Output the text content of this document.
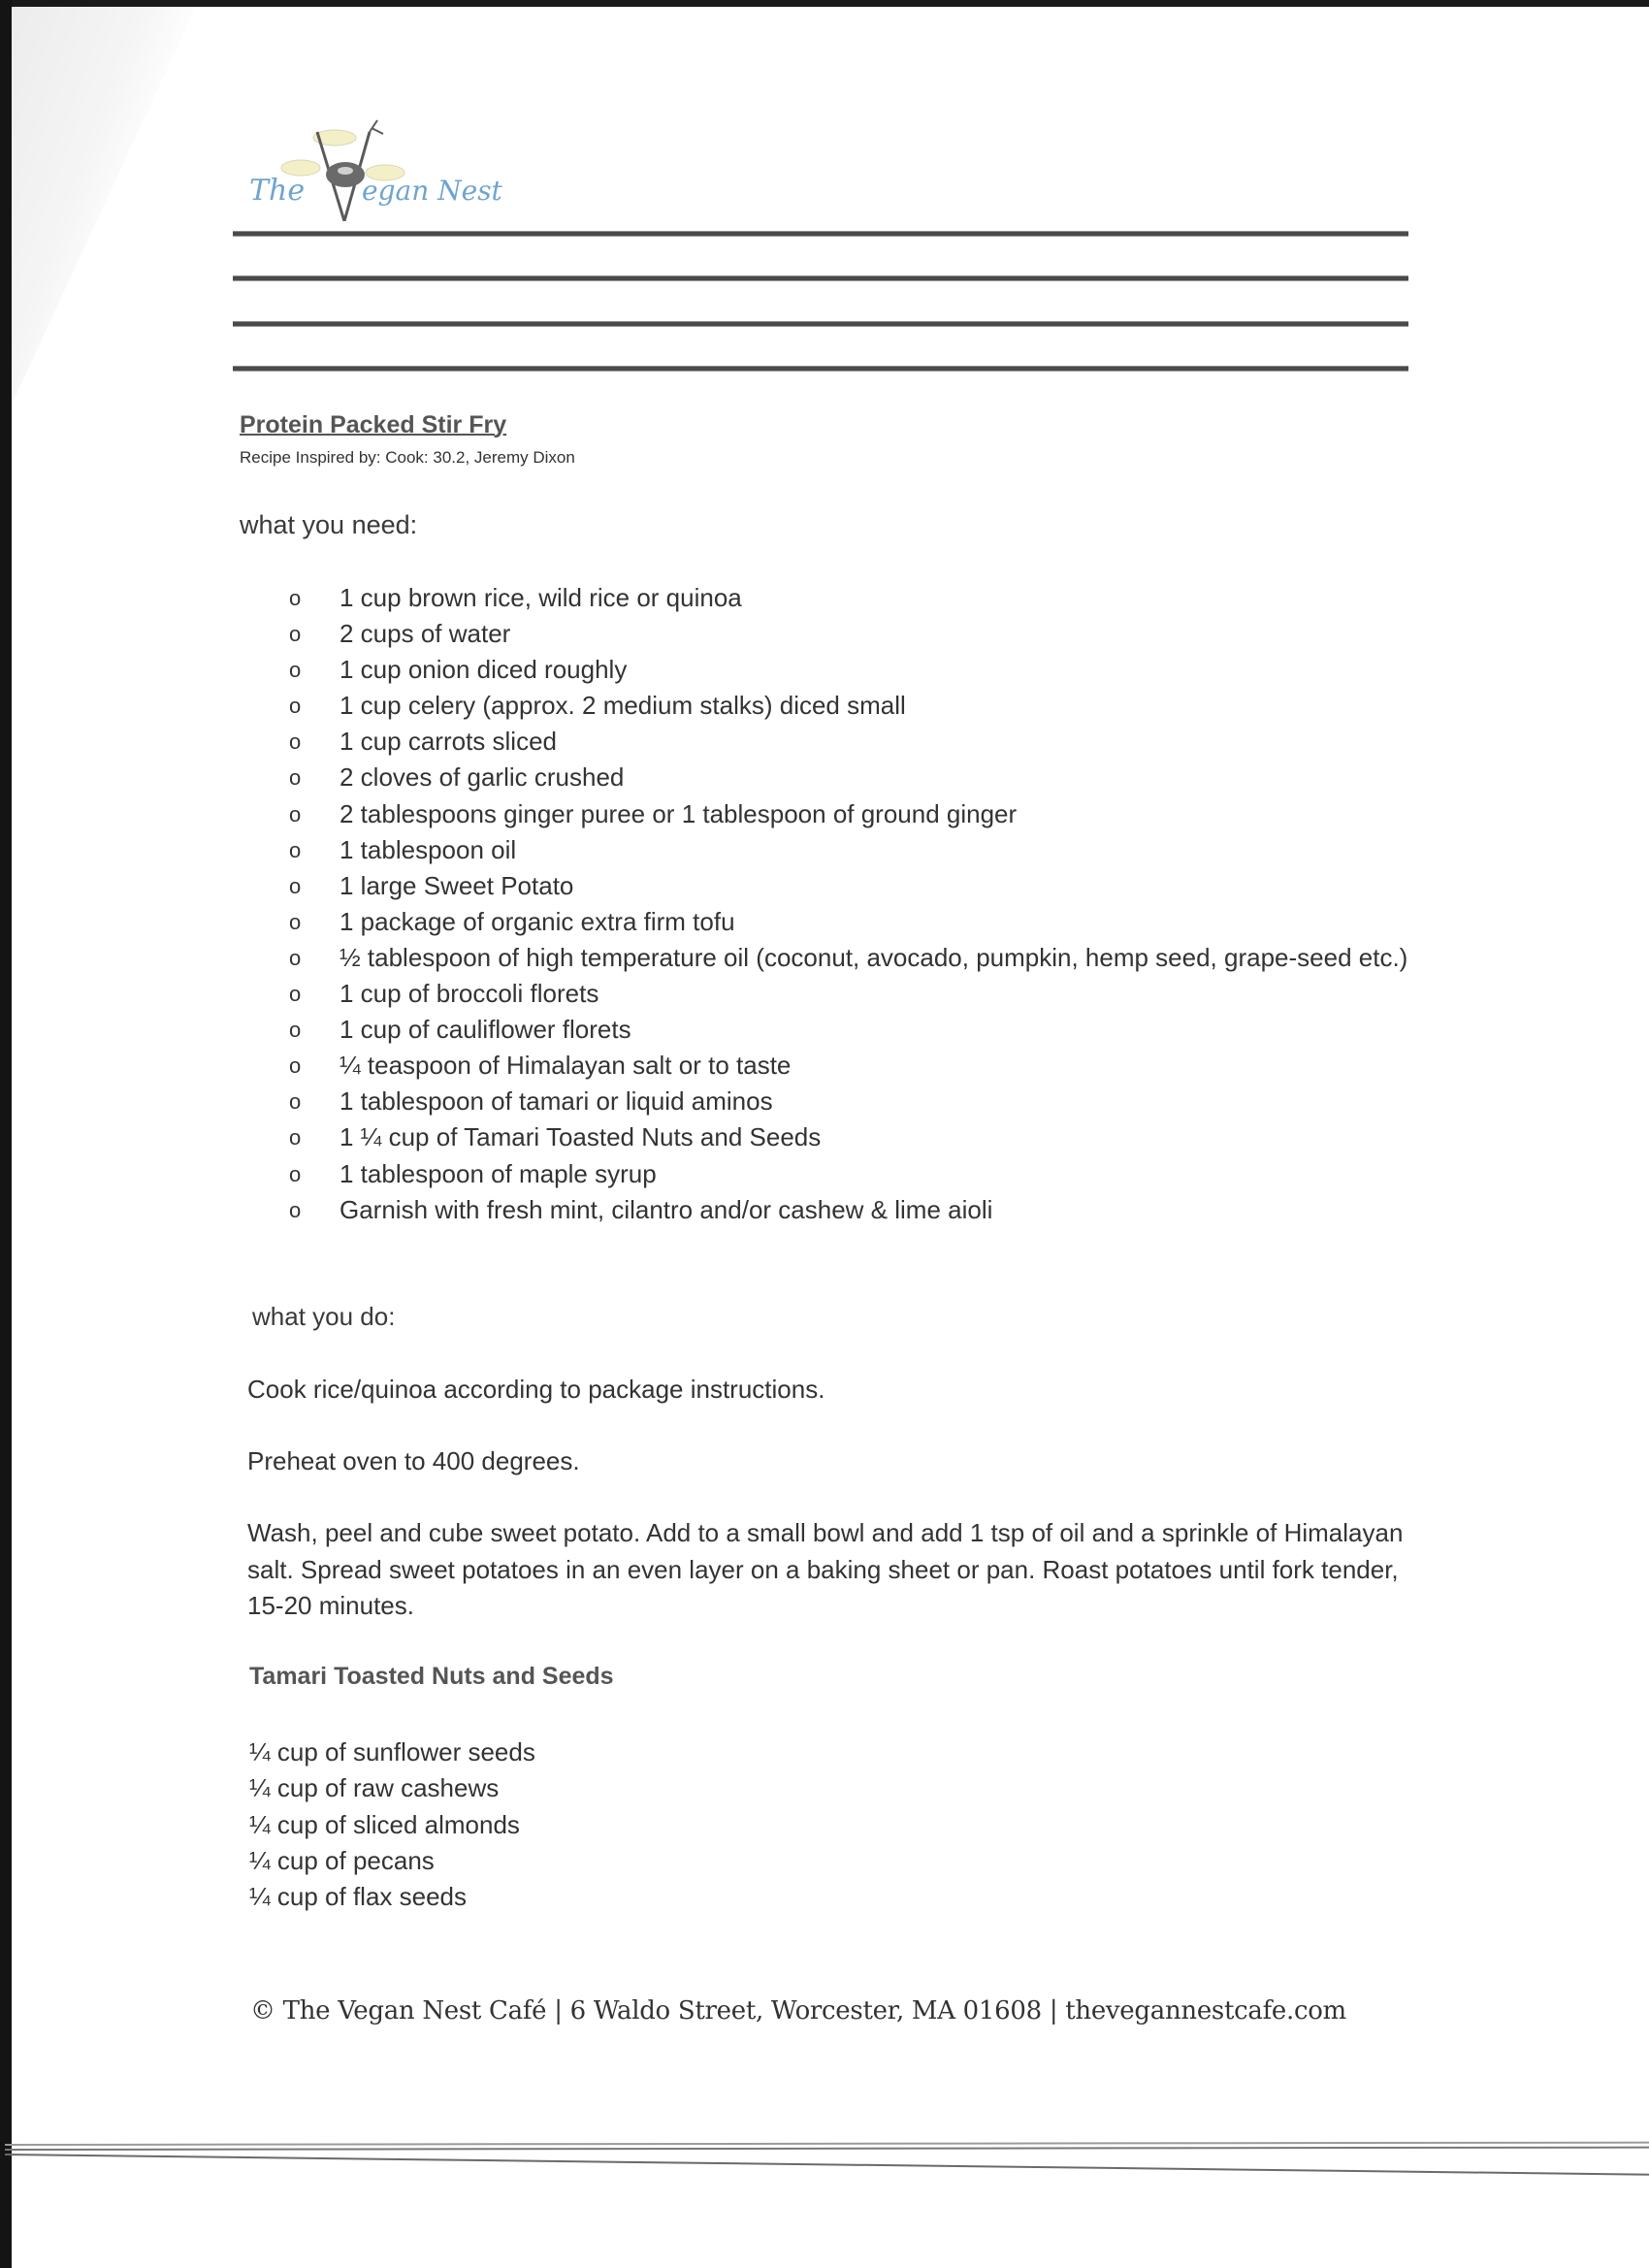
The egan Nest
Protein Packed Stir Fry
Recipe Inspired by: Cook: 30.2, Jeremy Dixon
what you need:
o 1 cup brown rice, wild rice or quinoa
o 2 cups of water
o 1 cup onion diced roughly
o 1 cup celery (approx. 2 medium stalks) diced small
o 1 cup carrots sliced
o 2 cloves of garlic crushed
o 2 tablespoons ginger puree or 1 tablespoon of ground ginger
o 1 tablespoon oil
o 1 large Sweet Potato
o 1 package of organic extra firm tofu
o ½ tablespoon of high temperature oil (coconut, avocado, pumpkin, hemp seed, grape-seed etc.)
o 1 cup of broccoli florets
o 1 cup of cauliflower florets
o ¼ teaspoon of Himalayan salt or to taste
o 1 tablespoon of tamari or liquid aminos
o 1 ¼ cup of Tamari Toasted Nuts and Seeds
o 1 tablespoon of maple syrup
o Garnish with fresh mint, cilantro and/or cashew & lime aioli
what you do:
Cook rice/quinoa according to package instructions.
Preheat oven to 400 degrees.
Wash, peel and cube sweet potato. Add to a small bowl and add 1 tsp of oil and a sprinkle of Himalayan salt. Spread sweet potatoes in an even layer on a baking sheet or pan. Roast potatoes until fork tender, 15-20 minutes.
Tamari Toasted Nuts and Seeds
¼ cup of sunflower seeds
¼ cup of raw cashews
¼ cup of sliced almonds
¼ cup of pecans
¼ cup of flax seeds
© The Vegan Nest Café | 6 Waldo Street, Worcester, MA 01608 | thevegannestcafe.com
